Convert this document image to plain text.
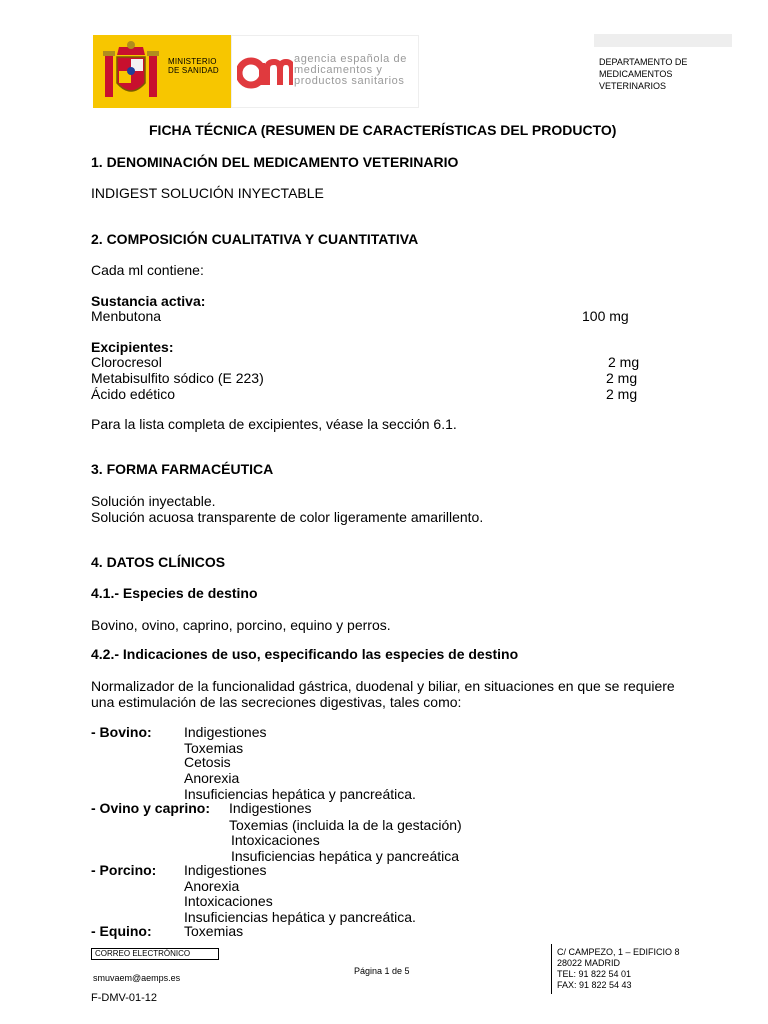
MINISTERIO
DE SANIDAD
agencia española de
medicamentos y
productos sanitarios
DEPARTAMENTO DE
MEDICAMENTOS
VETERINARIOS
FICHA TÉCNICA (RESUMEN DE CARACTERÍSTICAS DEL PRODUCTO)
1. DENOMINACIÓN DEL MEDICAMENTO VETERINARIO
INDIGEST SOLUCIÓN INYECTABLE
2. COMPOSICIÓN CUALITATIVA Y CUANTITATIVA
Cada ml contiene:
Sustancia activa:
Menbutona	100 mg
Excipientes:
Clorocresol	2 mg
Metabisulfito sódico (E 223)	2 mg
Ácido edético	2 mg
Para la lista completa de excipientes, véase la sección 6.1.
3. FORMA FARMACÉUTICA
Solución inyectable.
Solución acuosa transparente de color ligeramente amarillento.
4. DATOS CLÍNICOS
4.1.- Especies de destino
Bovino, ovino, caprino, porcino, equino y perros.
4.2.- Indicaciones de uso, especificando las especies de destino
Normalizador de la funcionalidad gástrica, duodenal y biliar, en situaciones en que se requiere
una estimulación de las secreciones digestivas, tales como:
- Bovino: Indigestiones
Toxemias
Cetosis
Anorexia
Insuficiencias hepática y pancreática.
- Ovino y caprino: Indigestiones
Toxemias (incluida la de la gestación)
Intoxicaciones
Insuficiencias hepática y pancreática
- Porcino: Indigestiones
Anorexia
Intoxicaciones
Insuficiencias hepática y pancreática.
- Equino: Toxemias
CORREO ELECTRÓNICO
smuvaem@aemps.es
Página 1 de 5
F-DMV-01-12
C/ CAMPEZO, 1 – EDIFICIO 8
28022 MADRID
TEL: 91 822 54 01
FAX: 91 822 54 43
